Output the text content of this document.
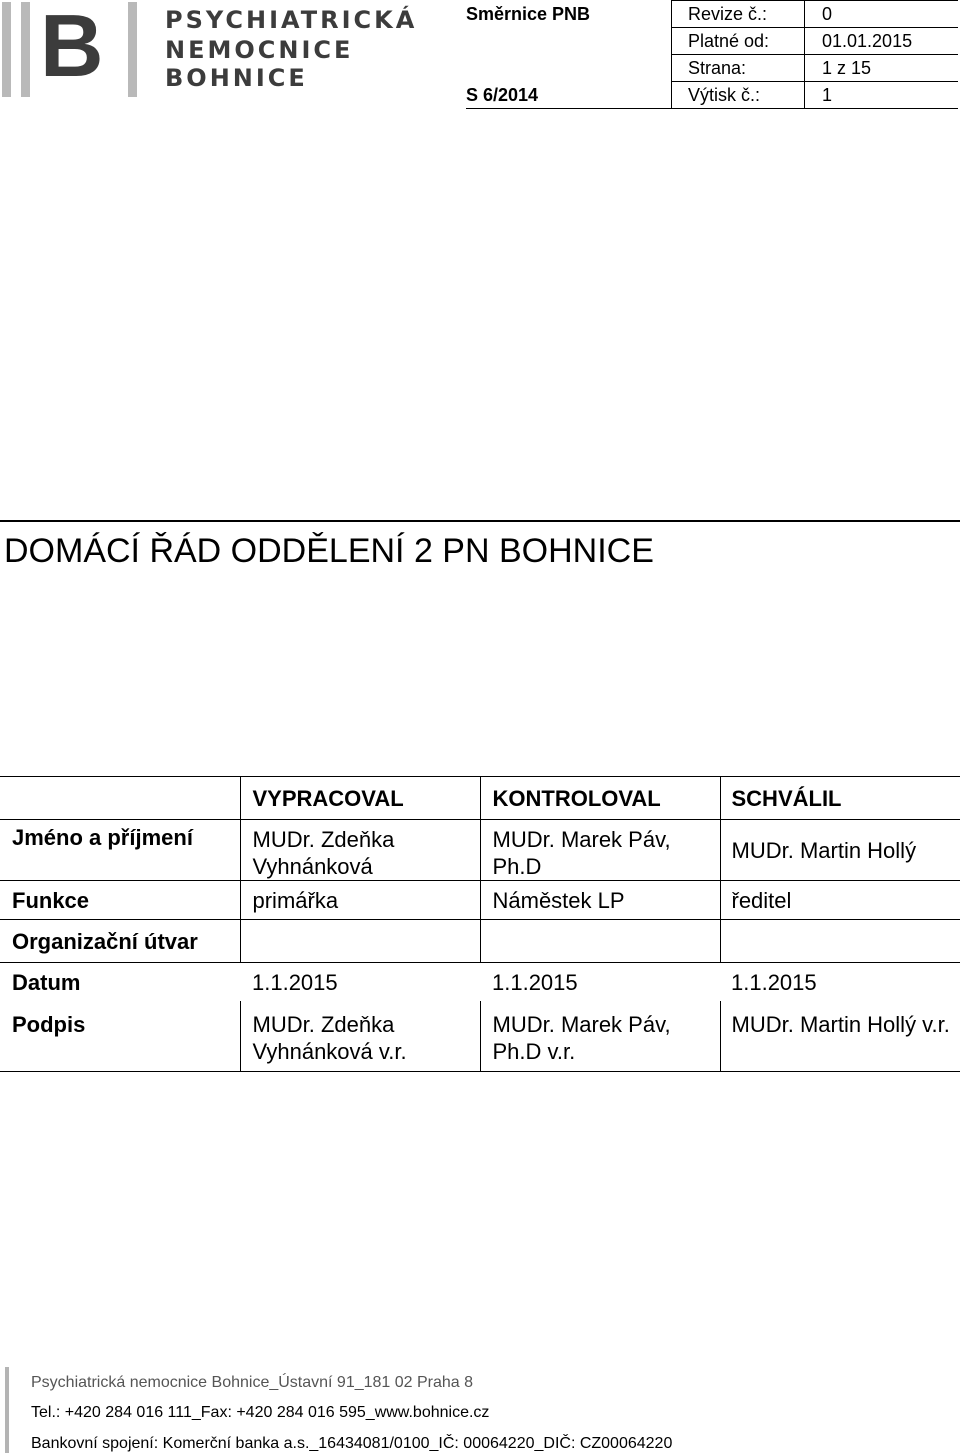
B	PSYCHIATRICKÁ
NEMOCNICE
BOHNICE
Směrnice PNB	Revize č.:	0
	Platné od:	01.01.2015
	Strana:	1 z 15
S 6/2014	Výtisk č.:	1
DOMÁCÍ ŘÁD ODDĚLENÍ 2 PN BOHNICE
	VYPRACOVAL	KONTROLOVAL	SCHVÁLIL
Jméno a příjmení	MUDr. Zdeňka Vyhnánková	MUDr. Marek Páv, Ph.D	MUDr. Martin Hollý
Funkce	primářka	Náměstek LP	ředitel
Organizační útvar			
Datum	1.1.2015	1.1.2015	1.1.2015
Podpis	MUDr. Zdeňka Vyhnánková v.r.	MUDr. Marek Páv, Ph.D v.r.	MUDr. Martin Hollý v.r.
Psychiatrická nemocnice Bohnice_Ústavní 91_181 02 Praha 8
Tel.: +420 284 016 111_Fax: +420 284 016 595_www.bohnice.cz
Bankovní spojení: Komerční banka a.s._16434081/0100_IČ: 00064220_DIČ: CZ00064220
